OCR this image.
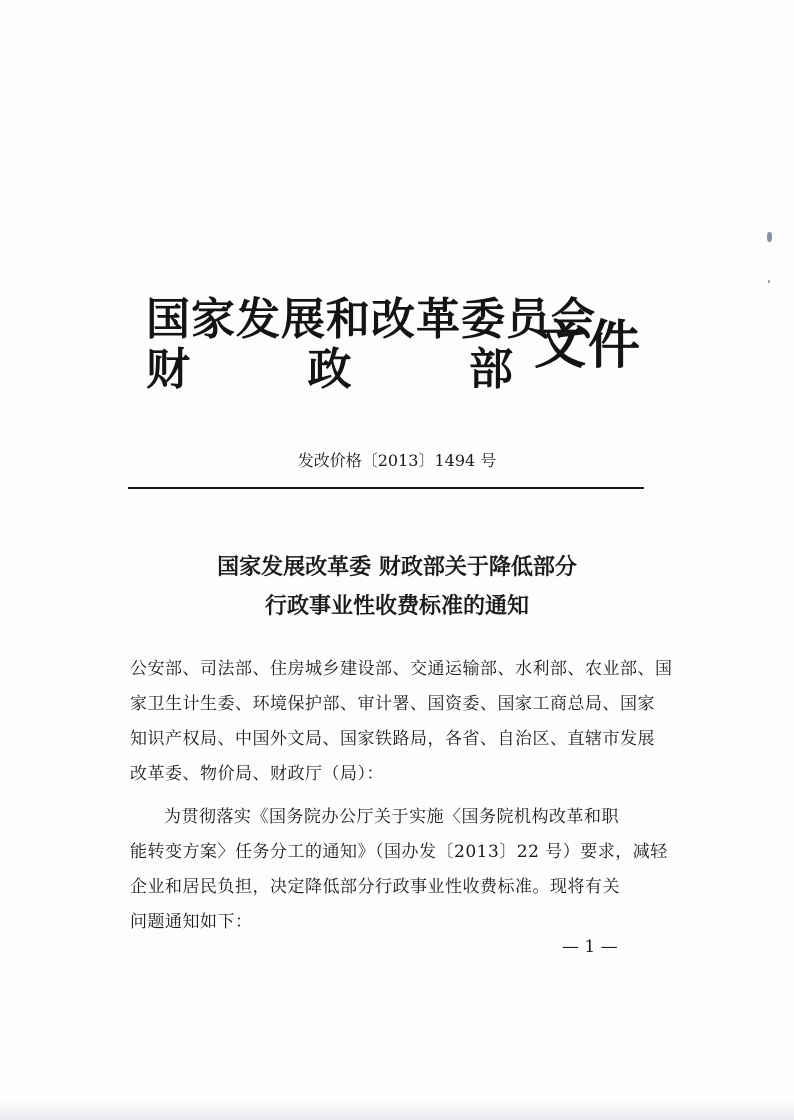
国家发展和改革委员会
财	政	部 文件
发改价格〔2013〕1494 号
国家发展改革委 财政部关于降低部分
行政事业性收费标准的通知
公安部、司法部、住房城乡建设部、交通运输部、水利部、农业部、国
家卫生计生委、环境保护部、审计署、国资委、国家工商总局、国家
知识产权局、中国外文局、国家铁路局，各省、自治区、直辖市发展
改革委、物价局、财政厅（局）：
为贯彻落实《国务院办公厅关于实施〈国务院机构改革和职
能转变方案〉任务分工的通知》（国办发〔2013〕22 号）要求，减轻
企业和居民负担，决定降低部分行政事业性收费标准。现将有关
问题通知如下：
— 1 —
